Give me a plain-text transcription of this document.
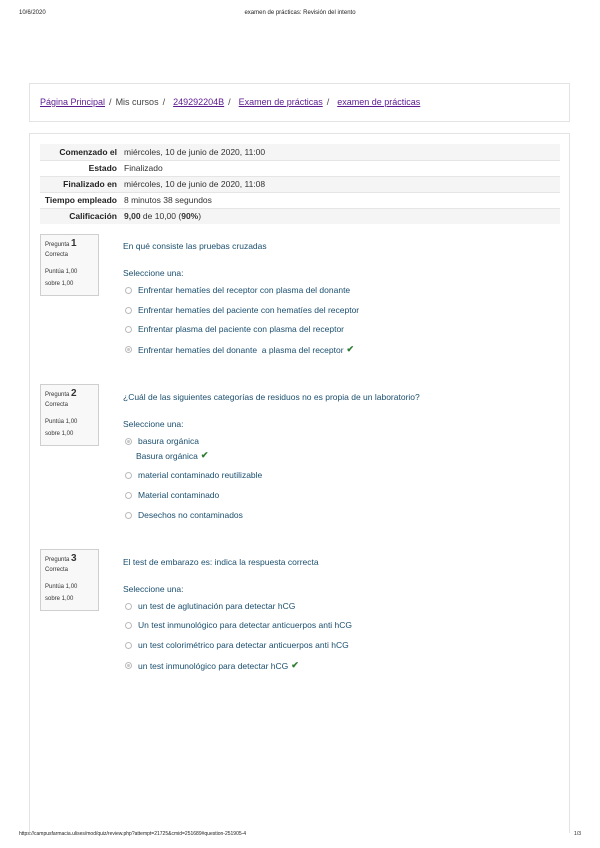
10/6/2020	examen de prácticas: Revisión del intento
Página Principal / Mis cursos / 249292204B / Examen de prácticas / examen de prácticas
Comenzado el	miércoles, 10 de junio de 2020, 11:00
Estado	Finalizado
Finalizado en	miércoles, 10 de junio de 2020, 11:08
Tiempo empleado	8 minutos 38 segundos
Calificación	9,00 de 10,00 (90%)
Pregunta 1
Correcta
Puntúa 1,00
sobre 1,00
En qué consiste las pruebas cruzadas
Seleccione una:
Enfrentar hematíes del receptor con plasma del donante
Enfrentar hematíes del paciente con hematíes del receptor
Enfrentar plasma del paciente con plasma del receptor
Enfrentar hematíes del donante  a plasma del receptor ✔
Pregunta 2
Correcta
Puntúa 1,00
sobre 1,00
¿Cuál de las siguientes categorías de residuos no es propia de un laboratorio?
Seleccione una:
basura orgánica
Basura orgánica ✔
material contaminado reutilizable
Material contaminado
Desechos no contaminados
Pregunta 3
Correcta
Puntúa 1,00
sobre 1,00
El test de embarazo es: indica la respuesta correcta
Seleccione una:
un test de aglutinación para detectar hCG
Un test inmunológico para detectar anticuerpos anti hCG
un test colorimétrico para detectar anticuerpos anti hCG
un test inmunológico para detectar hCG ✔
https://campusfarmacia.ulises/mod/quiz/review.php?attempt=21725&cmid=251689#question-251905-4	1/3
